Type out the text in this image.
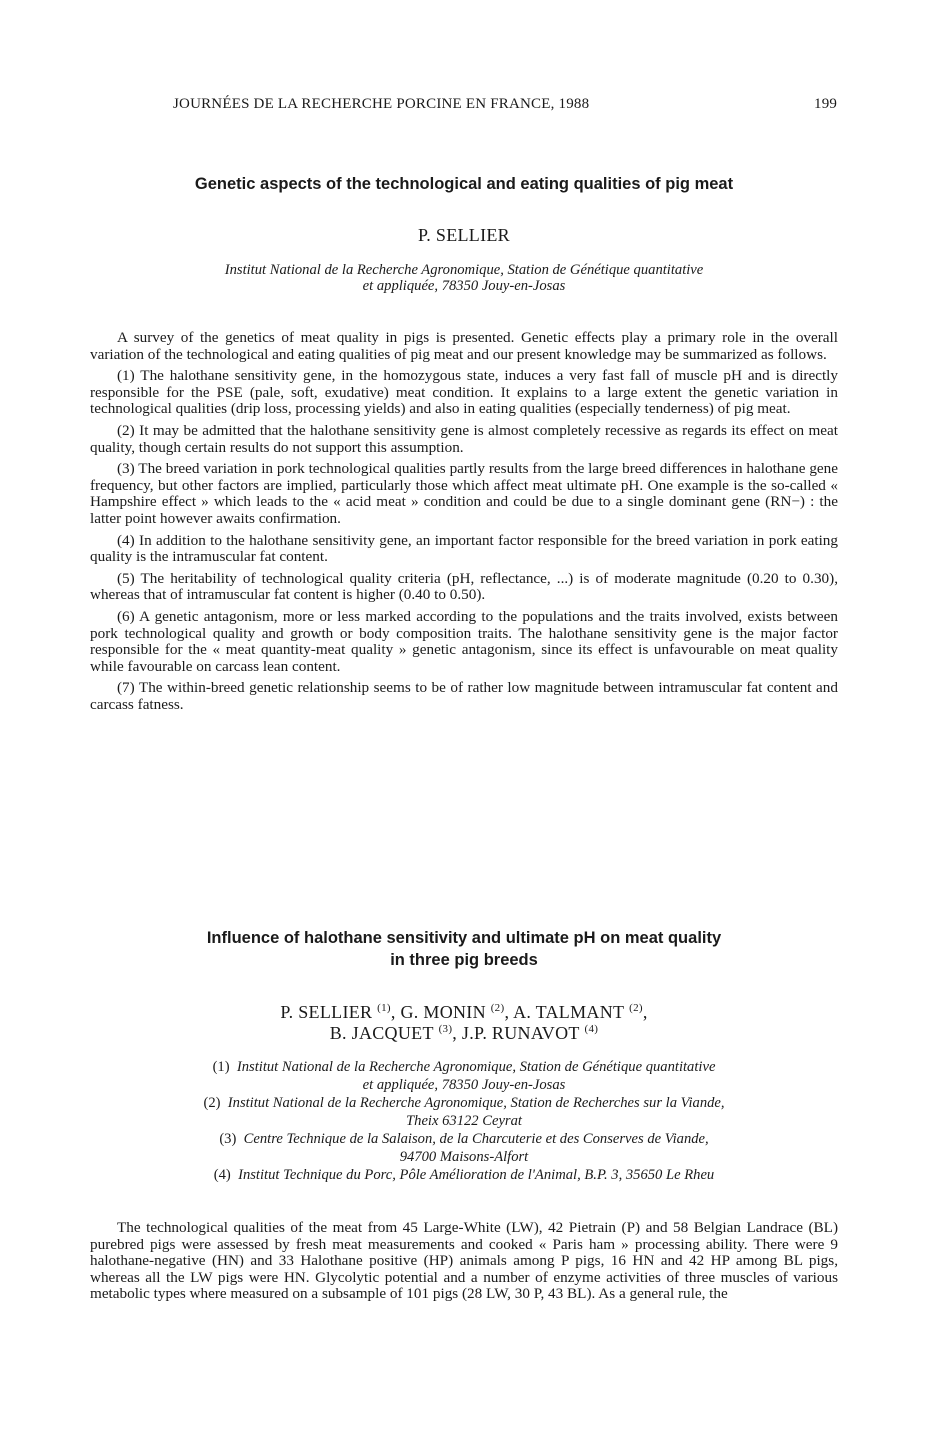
JOURNÉES DE LA RECHERCHE PORCINE EN FRANCE, 1988	199
Genetic aspects of the technological and eating qualities of pig meat

P. SELLIER

Institut National de la Recherche Agronomique, Station de Génétique quantitative

et appliquée, 78350 Jouy-en-Josas

A survey of the genetics of meat quality in pigs is presented. Genetic effects play a primary role in the overall variation of the technological and eating qualities of pig meat and our present knowledge may be summarized as follows.

(1) The halothane sensitivity gene, in the homozygous state, induces a very fast fall of muscle pH and is directly responsible for the PSE (pale, soft, exudative) meat condition. It explains to a large extent the genetic variation in technological qualities (drip loss, processing yields) and also in eating qualities (especially tenderness) of pig meat.

(2) It may be admitted that the halothane sensitivity gene is almost completely recessive as regards its effect on meat quality, though certain results do not support this assumption.

(3) The breed variation in pork technological qualities partly results from the large breed differences in halothane gene frequency, but other factors are implied, particularly those which affect meat ultimate pH. One example is the so-called « Hampshire effect » which leads to the « acid meat » condition and could be due to a single dominant gene (RN−) : the latter point however awaits confirmation.

(4) In addition to the halothane sensitivity gene, an important factor responsible for the breed variation in pork eating quality is the intramuscular fat content.

(5) The heritability of technological quality criteria (pH, reflectance, ...) is of moderate magnitude (0.20 to 0.30), whereas that of intramuscular fat content is higher (0.40 to 0.50).

(6) A genetic antagonism, more or less marked according to the populations and the traits involved, exists between pork technological quality and growth or body composition traits. The halothane sensitivity gene is the major factor responsible for the « meat quantity-meat quality » genetic antagonism, since its effect is unfavourable on meat quality while favourable on carcass lean content.

(7) The within-breed genetic relationship seems to be of rather low magnitude between intramuscular fat content and carcass fatness.

Influence of halothane sensitivity and ultimate pH on meat quality

in three pig breeds

P. SELLIER $^{(1)}$, G. MONIN $^{(2)}$, A. TALMANT $^{(2)}$,

B. JACQUET $^{(3)}$, J.P. RUNAVOT $^{(4)}$

(1) Institut National de la Recherche Agronomique, Station de Génétique quantitative

et appliquée, 78350 Jouy-en-Josas

(2) Institut National de la Recherche Agronomique, Station de Recherches sur la Viande,

Theix 63122 Ceyrat

(3) Centre Technique de la Salaison, de la Charcuterie et des Conserves de Viande,

94700 Maisons-Alfort

(4) Institut Technique du Porc, Pôle Amélioration de l'Animal, B.P. 3, 35650 Le Rheu

The technological qualities of the meat from 45 Large-White (LW), 42 Pietrain (P) and 58 Belgian Landrace (BL) purebred pigs were assessed by fresh meat measurements and cooked « Paris ham » processing ability. There were 9 halothane-negative (HN) and 33 Halothane positive (HP) animals among P pigs, 16 HN and 42 HP among BL pigs, whereas all the LW pigs were HN. Glycolytic potential and a number of enzyme activities of three muscles of various metabolic types where measured on a subsample of 101 pigs (28 LW, 30 P, 43 BL). As a general rule, the
